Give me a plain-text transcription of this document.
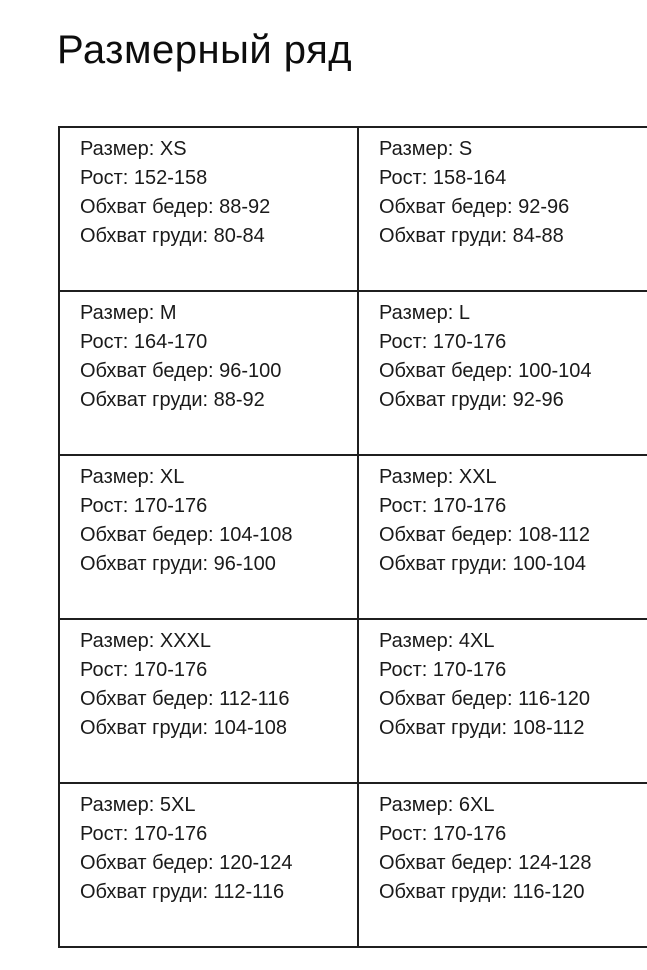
Размерный ряд
Размер: XS
Рост: 152-158
Обхват бедер: 88-92
Обхват груди: 80-84

Размер: S
Рост: 158-164
Обхват бедер: 92-96
Обхват груди: 84-88

Размер: M
Рост: 164-170
Обхват бедер: 96-100
Обхват груди: 88-92

Размер: L
Рост: 170-176
Обхват бедер: 100-104
Обхват груди: 92-96

Размер: XL
Рост: 170-176
Обхват бедер: 104-108
Обхват груди: 96-100

Размер: XXL
Рост: 170-176
Обхват бедер: 108-112
Обхват груди: 100-104

Размер: XXXL
Рост: 170-176
Обхват бедер: 112-116
Обхват груди: 104-108

Размер: 4XL
Рост: 170-176
Обхват бедер: 116-120
Обхват груди: 108-112

Размер: 5XL
Рост: 170-176
Обхват бедер: 120-124
Обхват груди: 112-116

Размер: 6XL
Рост: 170-176
Обхват бедер: 124-128
Обхват груди: 116-120
